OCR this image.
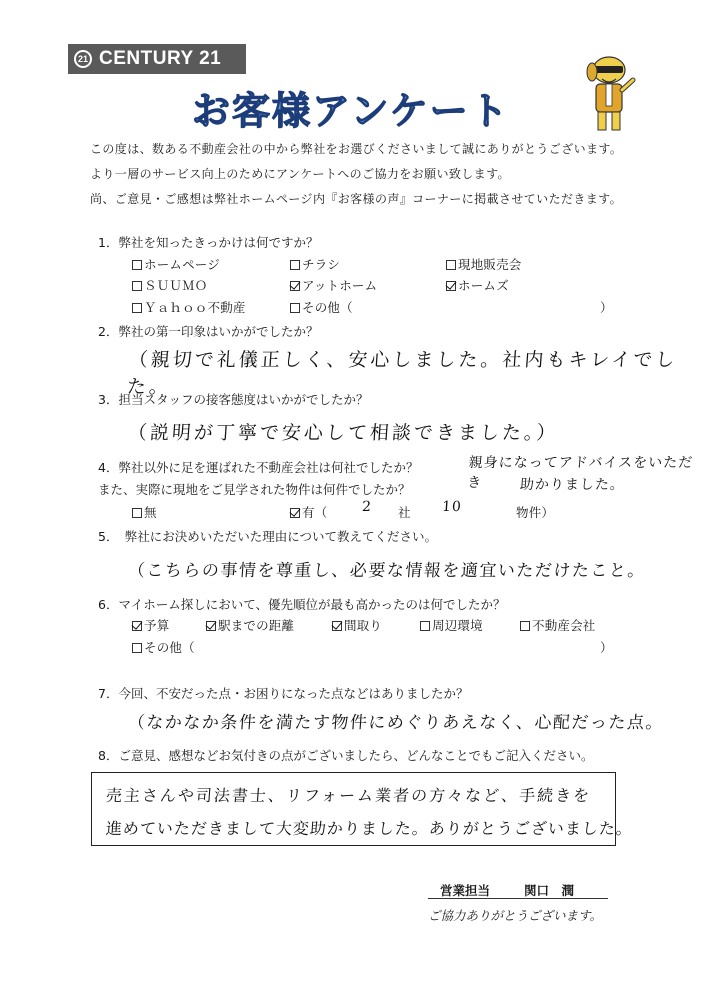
21 CENTURY 21
お客様アンケート
この度は、数ある不動産会社の中から弊社をお選びくださいまして誠にありがとうございます。
より一層のサービス向上のためにアンケートへのご協力をお願い致します。
尚、ご意見・ご感想は弊社ホームページ内『お客様の声』コーナーに掲載させていただきます。
1．弊社を知ったきっかけは何ですか？
ホームページ	チラシ	現地販売会
ＳＵＵＭＯ	アットホーム	ホームズ
Ｙａｈｏｏ不動産	その他（	）
2．弊社の第一印象はいかがでしたか？
（親切で礼儀正しく、安心しました。社内もキレイでした。
3．担当スタッフの接客態度はいかがでしたか？
（説明が丁寧で安心して相談できました。）
4．弊社以外に足を運ばれた不動産会社は何社でしたか？
また、実際に現地をご見学された物件は何件でしたか？
親身になってアドバイスをいただき	助かりました。
無	有（ 2 社 10	物件）
5．　弊社にお決めいただいた理由について教えてください。
（こちらの事情を尊重し、必要な情報を適宜いただけたこと。
6．マイホーム探しにおいて、優先順位が最も高かったのは何でしたか？
予算	駅までの距離	間取り	周辺環境	不動産会社
その他（	）
7．今回、不安だった点・お困りになった点などはありましたか？
（なかなか条件を満たす物件にめぐりあえなく、心配だった点。
8．ご意見、感想などお気付きの点がございましたら、どんなことでもご記入ください。
売主さんや司法書士、リフォーム業者の方々など、手続きを
進めていただきまして大変助かりました。ありがとうございました。
営業担当	関口　潤
ご協力ありがとうございます。
